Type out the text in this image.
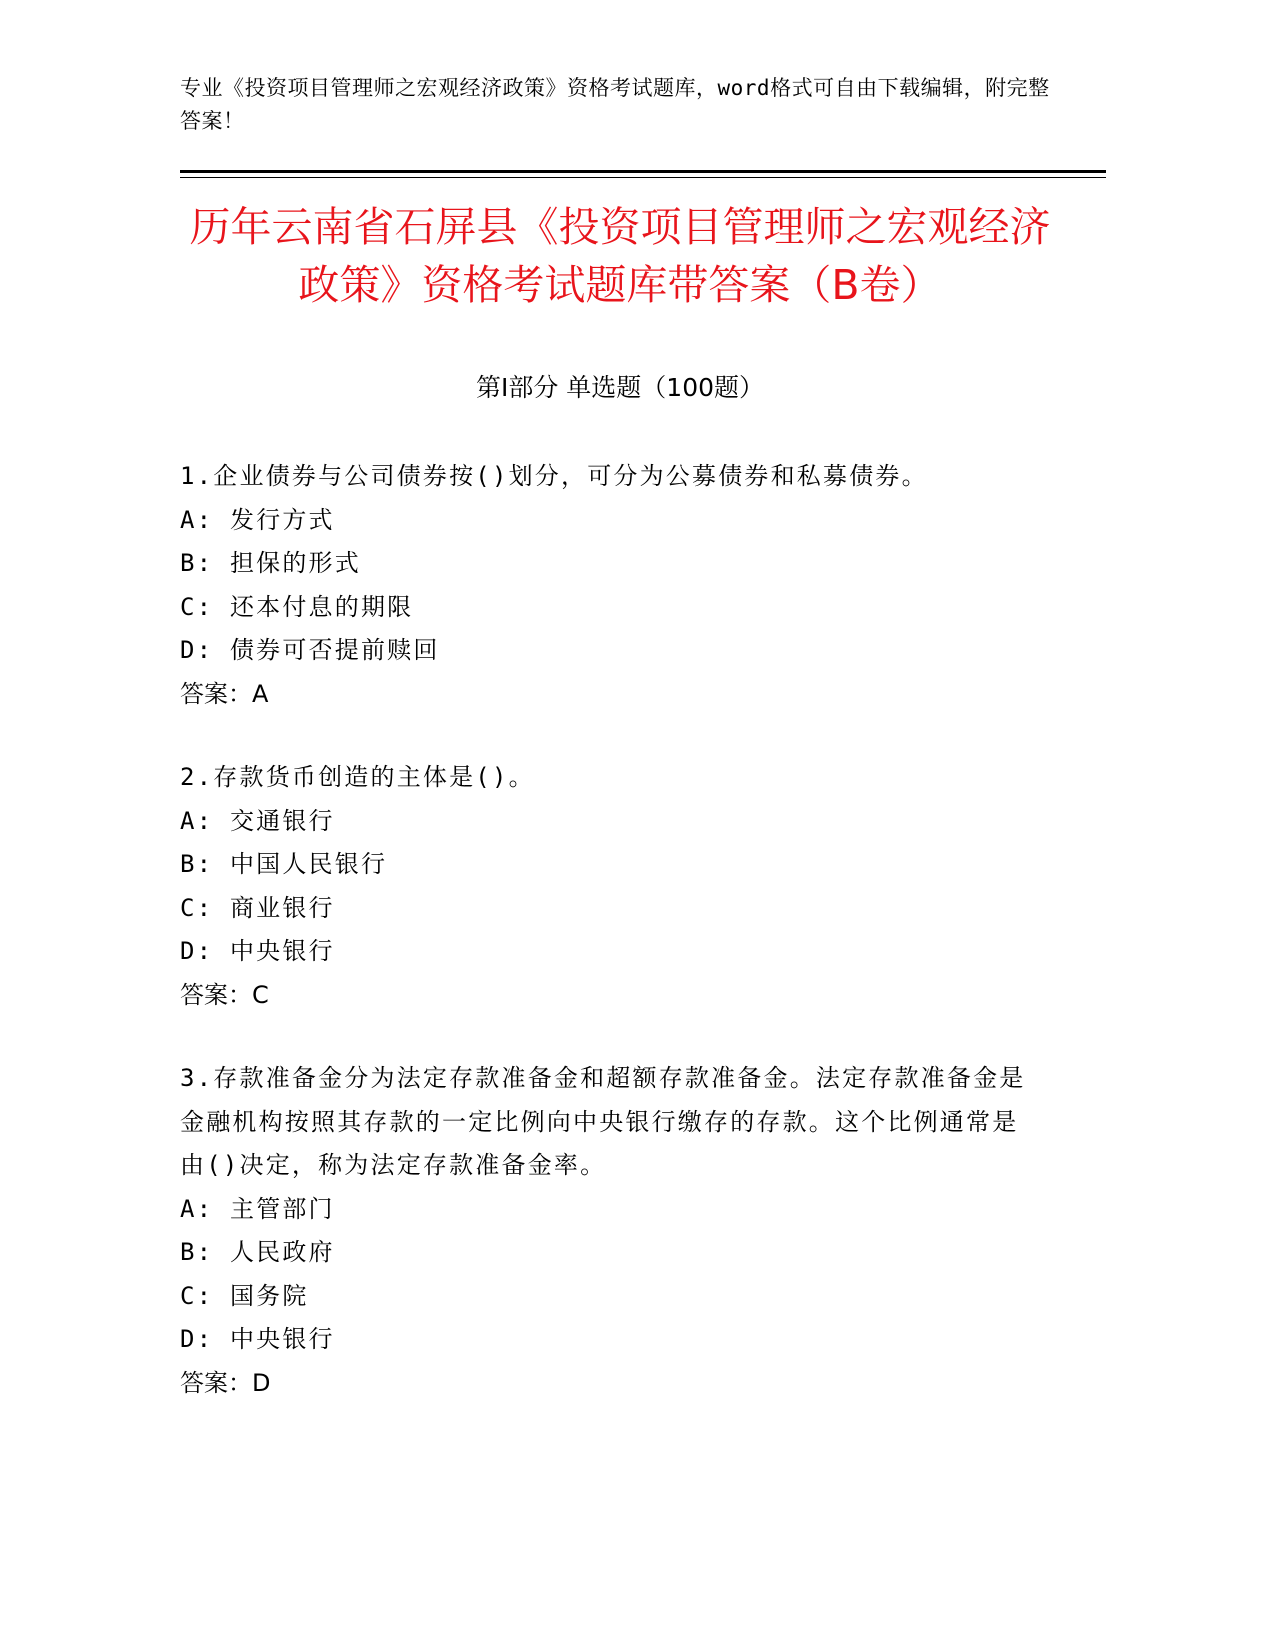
专业《投资项目管理师之宏观经济政策》资格考试题库，word格式可自由下载编辑，附完整答案！
历年云南省石屏县《投资项目管理师之宏观经济政策》资格考试题库带答案（B卷）
第Ⅰ部分 单选题（100题）

1.企业债券与公司债券按()划分，可分为公募债券和私募债券。

A: 发行方式

B: 担保的形式

C: 还本付息的期限

D: 债券可否提前赎回

答案：A

2.存款货币创造的主体是()。

A: 交通银行

B: 中国人民银行

C: 商业银行

D: 中央银行

答案：C

3.存款准备金分为法定存款准备金和超额存款准备金。法定存款准备金是金融机构按照其存款的一定比例向中央银行缴存的存款。这个比例通常是由()决定，称为法定存款准备金率。

A: 主管部门

B: 人民政府

C: 国务院

D: 中央银行

答案：D
